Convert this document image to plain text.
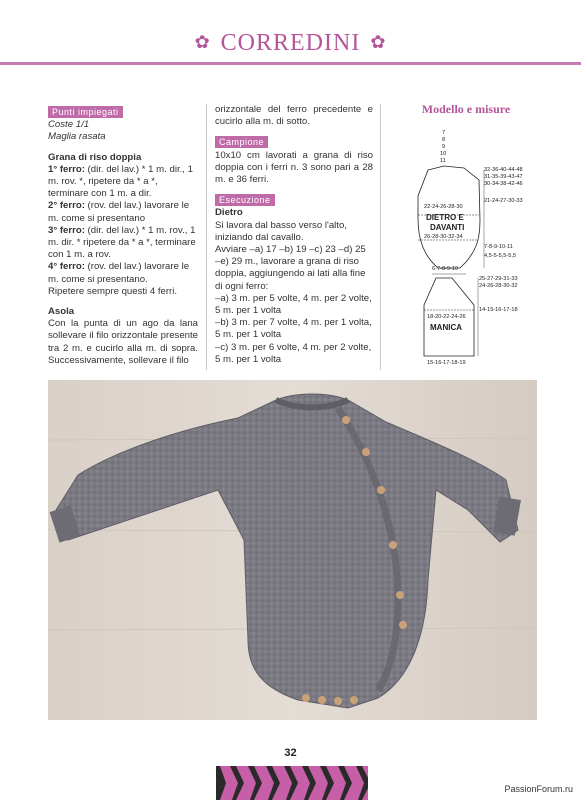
✿ CORREDINI ✿
Punti impiegati

Coste 1/1

Maglia rasata

Grana di riso doppia

1° ferro: (dir. del lav.) * 1 m. dir., 1 m. rov. *, ripetere da * a *, terminare con 1 m. a dir.

2° ferro: (rov. del lav.) lavorare le m. come si presentano

3° ferro: (dir. del lav.) * 1 m. rov., 1 m. dir. * ripetere da * a *, terminare con 1 m. a rov.

4° ferro: (rov. del lav.) lavorare le m. come si presentano.

Ripetere sempre questi 4 ferri.

Asola

Con la punta di un ago da lana sollevare il filo orizzontale presente tra 2 m. e cucirlo alla m. di sopra. Successivamente, sollevare il filo

orizzontale del ferro precedente e cucirlo alla m. di sotto.

Campione

10x10 cm lavorati a grana di riso doppia con i ferri n. 3 sono pari a 28 m. e 36 ferri.

Esecuzione

Dietro

Si lavora dal basso verso l'alto, iniziando dal cavallo.

Avviare –a) 17 –b) 19 –c) 23 –d) 25 –e) 29 m., lavorare a grana di riso doppia, aggiungendo ai lati alla fine di ogni ferro:

–a) 3 m. per 5 volte, 4 m. per 2 volte, 5 m. per 1 volta

–b) 3 m. per 7 volte, 4 m. per 1 volta, 5 m. per 1 volta

–c) 3 m. per 6 volte, 4 m. per 2 volte, 5 m. per 1 volta

Modello e misure
7
8
9
10
11
32-36-40-44-48
31-35-39-43-47
30-34-38-42-46
21-24-27-30-33
22-24-26-28-30
DIETRO E
DAVANTI
26-28-30-32-34
7-8-9-10-11
4,5-5-5,5-5,5
6-7-8-9-10
25-27-29-31-33
24-26-28-30-32
14-15-16-17-18
18-20-22-24-26
MANICA
15-16-17-18-19
32
PassionForum.ru
